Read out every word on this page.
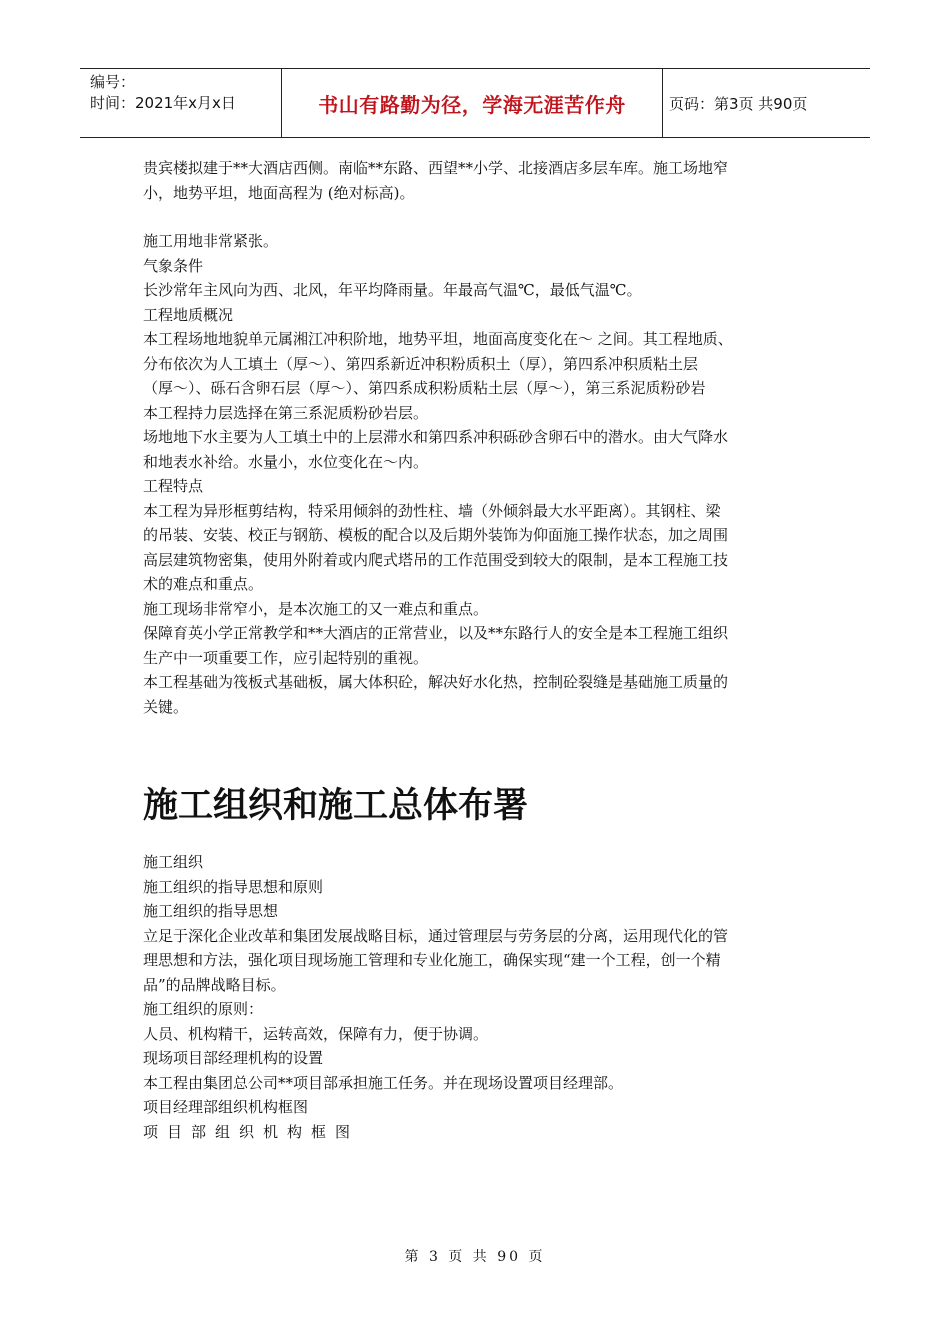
编号：
时间：2021年x月x日	书山有路勤为径，学海无涯苦作舟	页码：第3页 共90页

贵宾楼拟建于**大酒店西侧。南临**东路、西望**小学、北接酒店多层车库。施工场地窄

小，地势平坦，地面高程为 (绝对标高)。

施工用地非常紧张。

气象条件

长沙常年主风向为西、北风，年平均降雨量。年最高气温℃，最低气温℃。

工程地质概况

本工程场地地貌单元属湘江冲积阶地，地势平坦，地面高度变化在～ 之间。其工程地质、

分布依次为人工填土（厚～）、第四系新近冲积粉质积土（厚），第四系冲积质粘土层

（厚～）、砾石含卵石层（厚～）、第四系成积粉质粘土层（厚～），第三系泥质粉砂岩

本工程持力层选择在第三系泥质粉砂岩层。

场地地下水主要为人工填土中的上层滞水和第四系冲积砾砂含卵石中的潜水。由大气降水

和地表水补给。水量小，水位变化在～内。

工程特点

本工程为异形框剪结构，特采用倾斜的劲性柱、墙（外倾斜最大水平距离）。其钢柱、梁

的吊装、安装、校正与钢筋、模板的配合以及后期外装饰为仰面施工操作状态，加之周围

高层建筑物密集，使用外附着或内爬式塔吊的工作范围受到较大的限制，是本工程施工技

术的难点和重点。

施工现场非常窄小，是本次施工的又一难点和重点。

保障育英小学正常教学和**大酒店的正常营业，以及**东路行人的安全是本工程施工组织

生产中一项重要工作，应引起特别的重视。

本工程基础为筏板式基础板，属大体积砼，解决好水化热，控制砼裂缝是基础施工质量的

关键。

施工组织和施工总体布署

施工组织

施工组织的指导思想和原则

施工组织的指导思想

立足于深化企业改革和集团发展战略目标，通过管理层与劳务层的分离，运用现代化的管

理思想和方法，强化项目现场施工管理和专业化施工，确保实现“建一个工程，创一个精

品”的品牌战略目标。

施工组织的原则：

人员、机构精干，运转高效，保障有力，便于协调。

现场项目部经理机构的设置

本工程由集团总公司**项目部承担施工任务。并在现场设置项目经理部。

项目经理部组织机构框图

项目部组织机构框图

第 3 页 共 90 页
